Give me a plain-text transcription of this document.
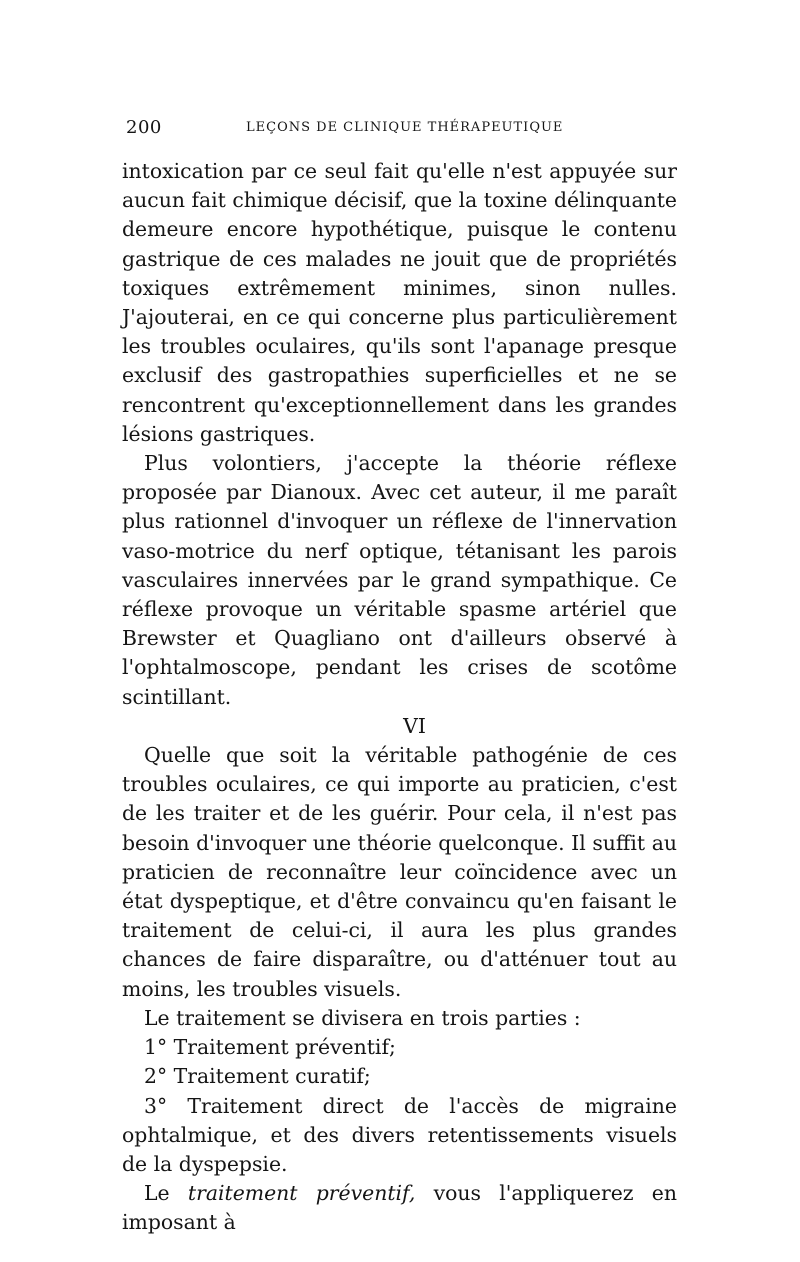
200	LEÇONS DE CLINIQUE THÉRAPEUTIQUE

intoxication par ce seul fait qu'elle n'est appuyée sur aucun fait chimique décisif, que la toxine délinquante demeure encore hypothétique, puisque le contenu gastrique de ces malades ne jouit que de propriétés toxiques extrêmement minimes, sinon nulles. J'ajouterai, en ce qui concerne plus particulièrement les troubles oculaires, qu'ils sont l'apanage presque exclusif des gastropathies superficielles et ne se rencontrent qu'exceptionnellement dans les grandes lésions gastriques.

Plus volontiers, j'accepte la théorie réflexe proposée par Dianoux. Avec cet auteur, il me paraît plus rationnel d'invoquer un réflexe de l'innervation vaso-motrice du nerf optique, tétanisant les parois vasculaires innervées par le grand sympathique. Ce réflexe provoque un véritable spasme artériel que Brewster et Quagliano ont d'ailleurs observé à l'ophtalmoscope, pendant les crises de scotôme scintillant.

VI

Quelle que soit la véritable pathogénie de ces troubles oculaires, ce qui importe au praticien, c'est de les traiter et de les guérir. Pour cela, il n'est pas besoin d'invoquer une théorie quelconque. Il suffit au praticien de reconnaître leur coïncidence avec un état dyspeptique, et d'être convaincu qu'en faisant le traitement de celui-ci, il aura les plus grandes chances de faire disparaître, ou d'atténuer tout au moins, les troubles visuels.

Le traitement se divisera en trois parties :

1° Traitement préventif;

2° Traitement curatif;

3° Traitement direct de l'accès de migraine ophtalmique, et des divers retentissements visuels de la dyspepsie.

Le traitement préventif, vous l'appliquerez en imposant à
